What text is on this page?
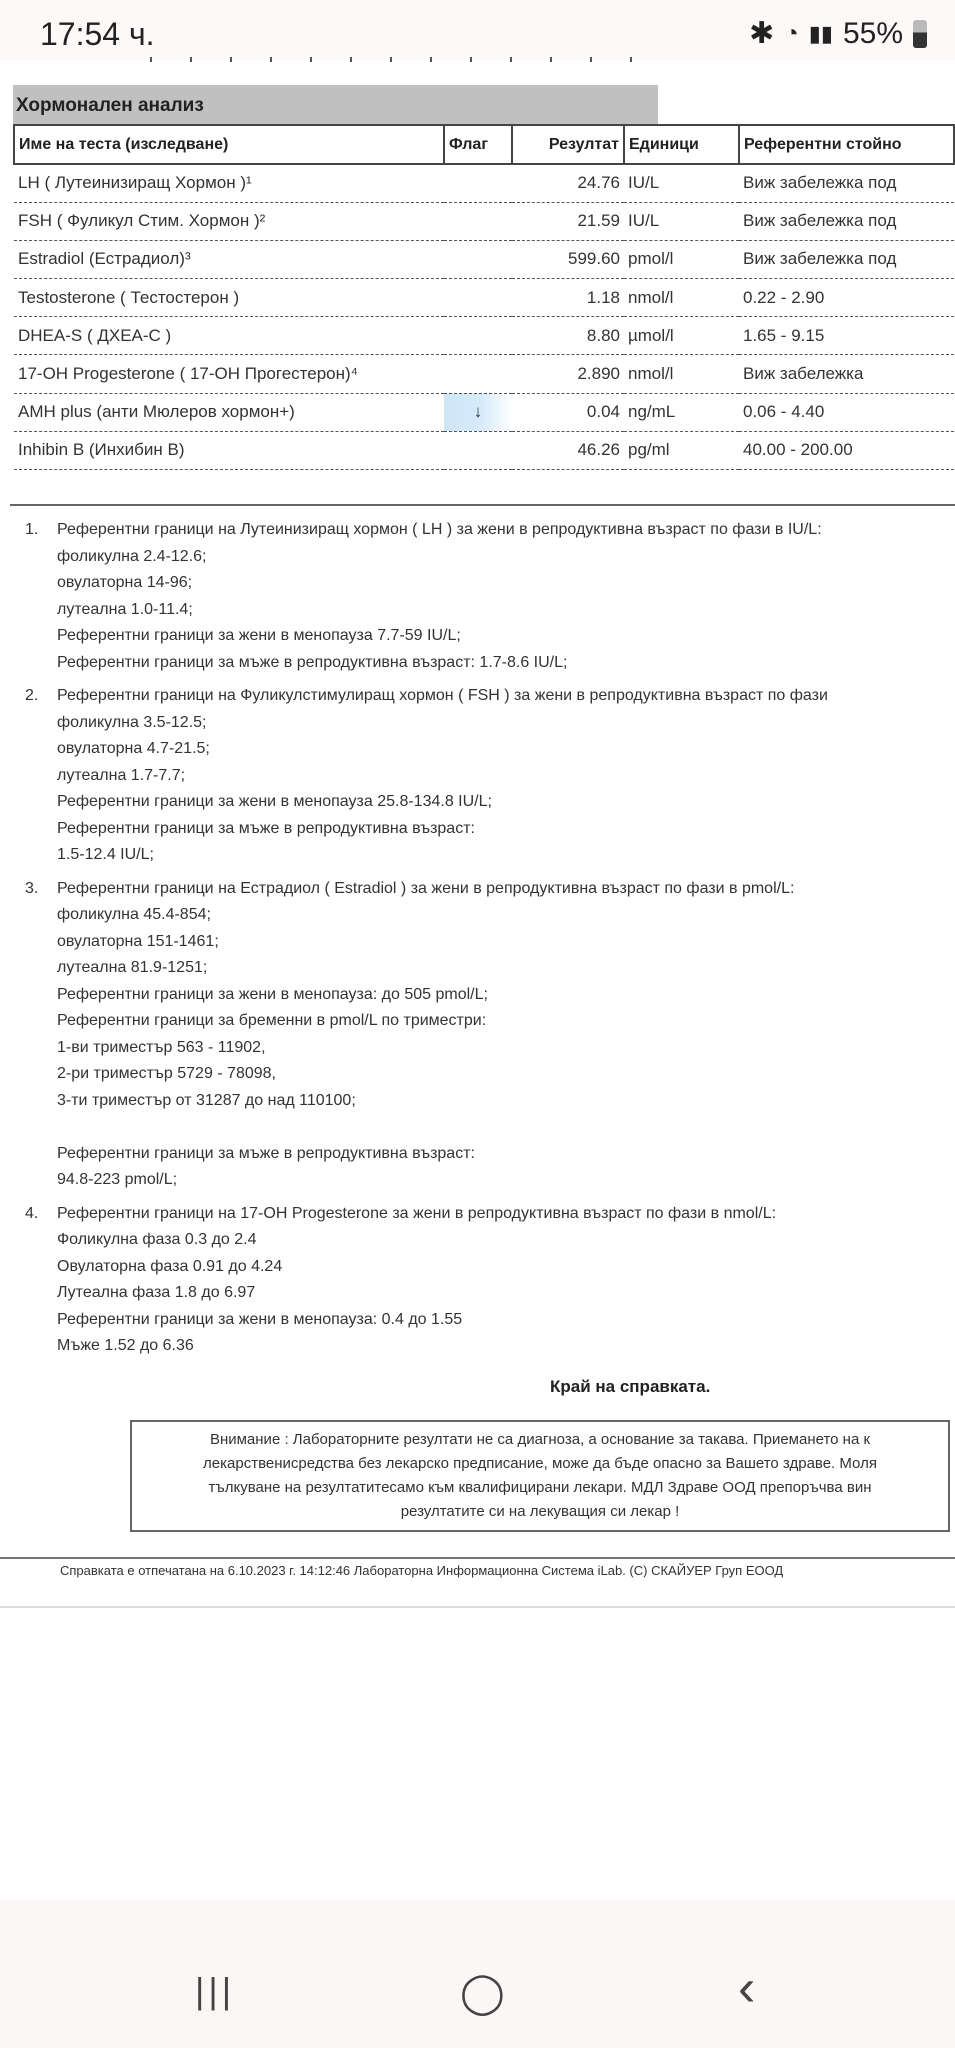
17:54 ч.	✱ ◔ ▮▮ 55%
Хормонален анализ
Име на теста (изследване)	Флаг	Резултат	Единици	Референтни стойно
LH ( Лутеинизиращ Хормон )¹		24.76	IU/L	Виж забележка под
FSH ( Фуликул Стим. Хормон )²		21.59	IU/L	Виж забележка под
Estradiol (Естрадиол)³		599.60	pmol/l	Виж забележка под
Testosterone ( Тестостерон )		1.18	nmol/l	0.22 - 2.90
DHEA-S ( ДХЕА-С )		8.80	µmol/l	1.65 - 9.15
17-OH Progesterone ( 17-OH Прогестерон)⁴		2.890	nmol/l	Виж забележка
AMH plus (анти Мюлеров хормон+)	↓	0.04	ng/mL	0.06 - 4.40
Inhibin B (Инхибин B)		46.26	pg/ml	40.00 - 200.00
1. Референтни граници на Лутеинизиращ хормон ( LH ) за жени в репродуктивна възраст по фази в IU/L:
фоликулна 2.4-12.6;
овулаторна 14-96;
лутеална 1.0-11.4;
Референтни граници за жени в менопауза 7.7-59 IU/L;
Референтни граници за мъже в репродуктивна възраст: 1.7-8.6 IU/L;
2. Референтни граници на Фуликулстимулиращ хормон ( FSH ) за жени в репродуктивна възраст по фази
фоликулна 3.5-12.5;
овулаторна 4.7-21.5;
лутеална 1.7-7.7;
Референтни граници за жени в менопауза 25.8-134.8 IU/L;
Референтни граници за мъже в репродуктивна възраст:
1.5-12.4 IU/L;
3. Референтни граници на Естрадиол ( Estradiol ) за жени в репродуктивна възраст по фази в pmol/L:
фоликулна 45.4-854;
овулаторна 151-1461;
лутеална 81.9-1251;
Референтни граници за жени в менопауза: до 505 pmol/L;
Референтни граници за бременни в pmol/L по триместри:
1-ви триместър 563 - 11902,
2-ри триместър 5729 - 78098,
3-ти триместър от 31287 до над 110100;
Референтни граници за мъже в репродуктивна възраст:
94.8-223 pmol/L;
4. Референтни граници на 17-OH Progesterone за жени в репродуктивна възраст по фази в nmol/L:
Фоликулна фаза 0.3 до 2.4
Овулаторна фаза 0.91 до 4.24
Лутеална фаза 1.8 до 6.97
Референтни граници за жени в менопауза: 0.4 до 1.55
Мъже 1.52 до 6.36
Край на справката.
Внимание : Лабораторните резултати не са диагноза, а основание за такава. Приемането на к
лекарственисредства без лекарско предписание, може да бъде опасно за Вашето здраве. Моля
тълкуване на резултатитесамо към квалифицирани лекари. МДЛ Здраве ООД препоръчва вин
резултатите си на лекуващия си лекар !
Справката е отпечатана на 6.10.2023 г. 14:12:46 Лабораторна Информационна Система iLab. (С) СКАЙУЕР Груп ЕООД
|||	◯	‹
